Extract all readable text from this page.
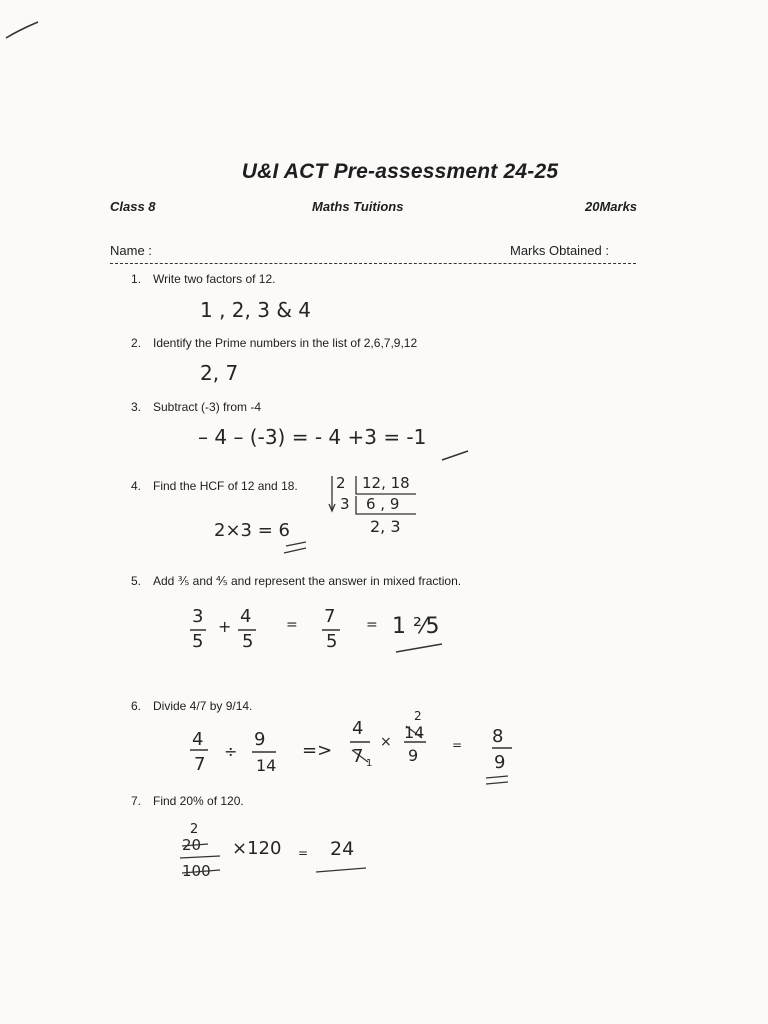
U&I ACT Pre-assessment 24-25
Class 8	Maths Tuitions	20Marks
Name :	Marks Obtained :
1. Write two factors of 12.
2. Identify the Prime numbers in the list of 2,6,7,9,12
3. Subtract (-3) from -4
4. Find the HCF of 12 and 18.
5. Add ⅗ and ⅘ and represent the answer in mixed fraction.
6. Divide 4/7 by 9/14.
7. Find 20% of 120.
1 , 2, 3 & 4
2, 7
– 4 – (-3) = - 4 +3 = -1
2 12, 18
3 6 , 9
2, 3
2×3 = 6
3
5
+ 4
5
= 7
5
= 1 ²⁄5
4
7
÷
9
14
=>
4
7 1
×
2
14
9
= 8
9
2
20
100
×120 = 24
